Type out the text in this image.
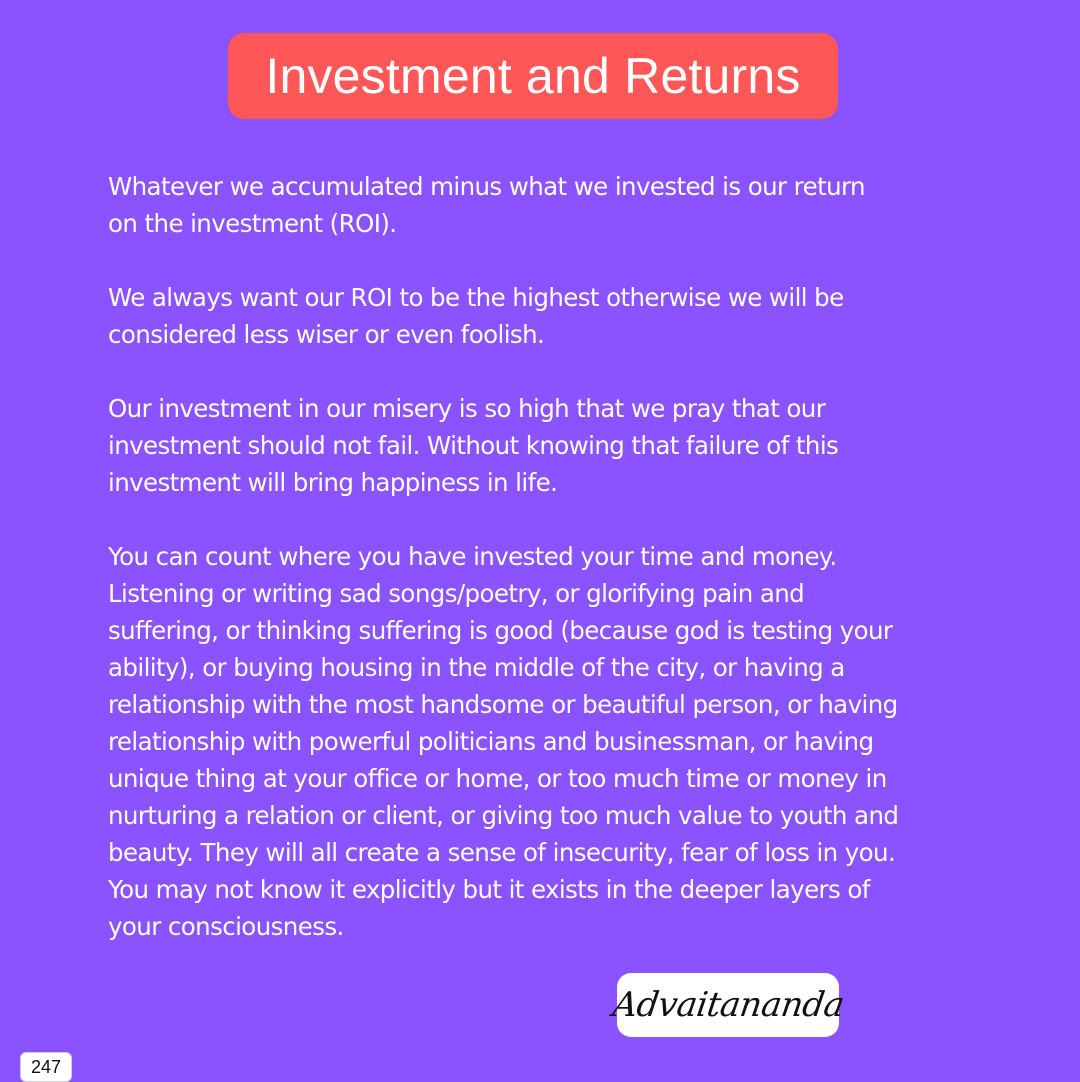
Investment and Returns

Whatever we accumulated minus what we invested is our return
on the investment (ROI).

We always want our ROI to be the highest otherwise we will be
considered less wiser or even foolish.

Our investment in our misery is so high that we pray that our
investment should not fail. Without knowing that failure of this
investment will bring happiness in life.

You can count where you have invested your time and money.
Listening or writing sad songs/poetry, or glorifying pain and
suffering, or thinking suffering is good (because god is testing your
ability), or buying housing in the middle of the city, or having a
relationship with the most handsome or beautiful person, or having
relationship with powerful politicians and businessman, or having
unique thing at your office or home, or too much time or money in
nurturing a relation or client, or giving too much value to youth and
beauty. They will all create a sense of insecurity, fear of loss in you.
You may not know it explicitly but it exists in the deeper layers of
your consciousness.

Advaitananda
247
